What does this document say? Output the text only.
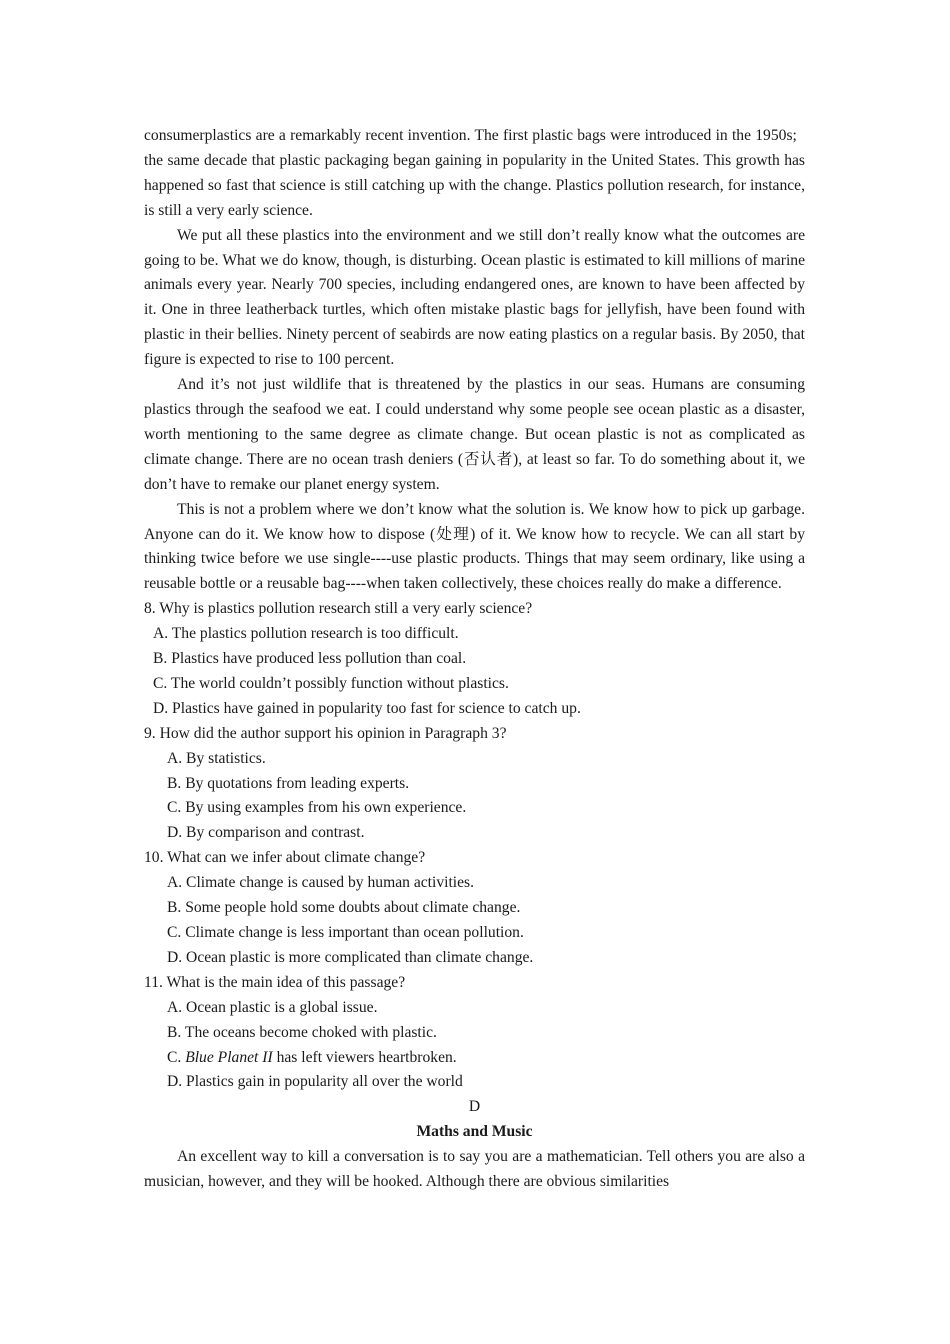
consumerplastics are a remarkably recent invention. The first plastic bags were introduced in the 1950s;   the same decade that plastic packaging began gaining in popularity in the United States. This growth has happened so fast that science is still catching up with the change. Plastics pollution research, for instance, is still a very early science.

We put all these plastics into the environment and we still don’t really know what the outcomes are going to be. What we do know, though, is disturbing. Ocean plastic is estimated to kill millions of marine animals every year. Nearly 700 species, including endangered ones, are known to have been affected by it. One in three leatherback turtles, which often mistake plastic bags for jellyfish, have been found with plastic in their bellies. Ninety percent of seabirds are now eating plastics on a regular basis. By 2050, that figure is expected to rise to 100 percent.

And it’s not just wildlife that is threatened by the plastics in our seas. Humans are consuming plastics through the seafood we eat. I could understand why some people see ocean plastic as a disaster, worth mentioning to the same degree as climate change. But ocean plastic is not as complicated as climate change. There are no ocean trash deniers (否认者), at least so far. To do something about it, we don’t have to remake our planet energy system.

This is not a problem where we don’t know what the solution is. We know how to pick up garbage. Anyone can do it. We know how to dispose (处理) of it. We know how to recycle. We can all start by thinking twice before we use single----use plastic products. Things that may seem ordinary, like using a reusable bottle or a reusable bag----when taken collectively, these choices really do make a difference.

8. Why is plastics pollution research still a very early science?

A. The plastics pollution research is too difficult.

B. Plastics have produced less pollution than coal.

C. The world couldn’t possibly function without plastics.

D. Plastics have gained in popularity too fast for science to catch up.

9. How did the author support his opinion in Paragraph 3?

A. By statistics.

B. By quotations from leading experts.

C. By using examples from his own experience.

D. By comparison and contrast.

10. What can we infer about climate change?

A. Climate change is caused by human activities.

B. Some people hold some doubts about climate change.

C. Climate change is less important than ocean pollution.

D. Ocean plastic is more complicated than climate change.

11. What is the main idea of this passage?

A. Ocean plastic is a global issue.

B. The oceans become choked with plastic.

C. Blue Planet II has left viewers heartbroken.

D. Plastics gain in popularity all over the world

D

Maths and Music

An excellent way to kill a conversation is to say you are a mathematician. Tell others you are also a musician, however, and they will be hooked. Although there are obvious similarities
